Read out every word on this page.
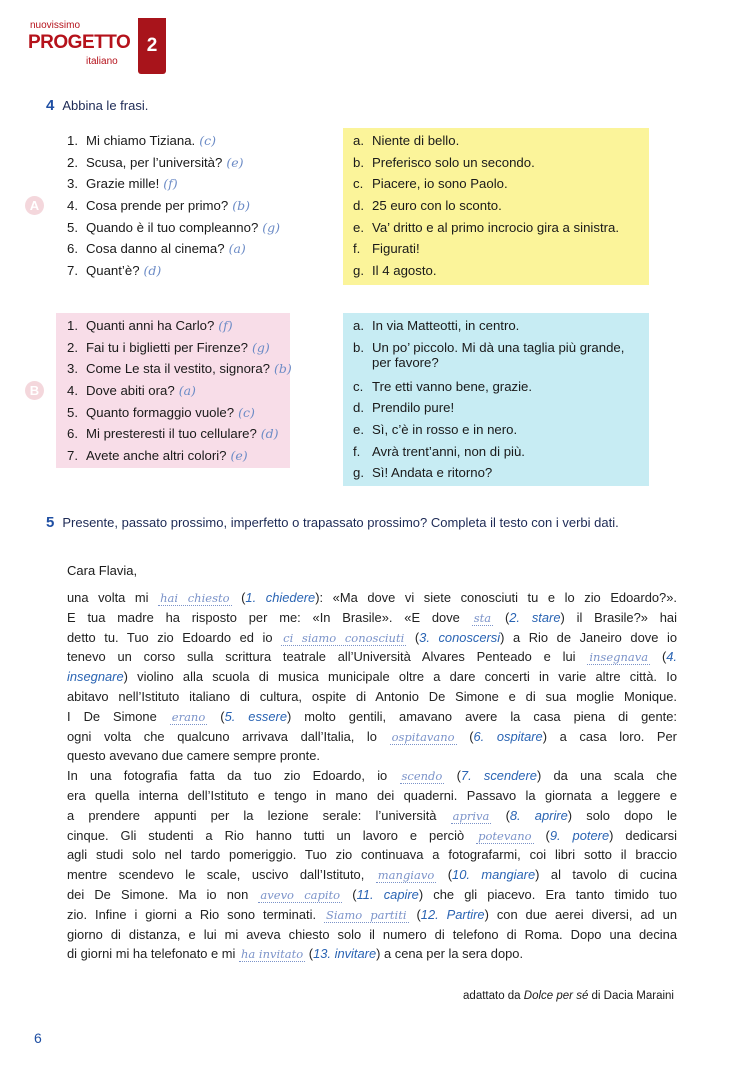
nuovissimo
PROGETTO
italiano
2
4 Abbina le frasi.
A
1. Mi chiamo Tiziana. (c)
2. Scusa, per l’università? (e)
3. Grazie mille! (f)
4. Cosa prende per primo? (b)
5. Quando è il tuo compleanno? (g)
6. Cosa danno al cinema? (a)
7. Quant’è? (d)
a. Niente di bello.
b. Preferisco solo un secondo.
c. Piacere, io sono Paolo.
d. 25 euro con lo sconto.
e. Va’ dritto e al primo incrocio gira a sinistra.
f. Figurati!
g. Il 4 agosto.
B
1. Quanti anni ha Carlo? (f)
2. Fai tu i biglietti per Firenze? (g)
3. Come Le sta il vestito, signora? (b)
4. Dove abiti ora? (a)
5. Quanto formaggio vuole? (c)
6. Mi presteresti il tuo cellulare? (d)
7. Avete anche altri colori? (e)
a. In via Matteotti, in centro.
b. Un po’ piccolo. Mi dà una taglia più grande,
per favore?
c. Tre etti vanno bene, grazie.
d. Prendilo pure!
e. Sì, c’è in rosso e in nero.
f. Avrà trent’anni, non di più.
g. Sì! Andata e ritorno?
5 Presente, passato prossimo, imperfetto o trapassato prossimo? Completa il testo con i verbi dati.
Cara Flavia,
una volta mi hai chiesto (1. chiedere): «Ma dove vi siete conosciuti tu e lo zio Edoardo?».
E tua madre ha risposto per me: «In Brasile». «E dove sta (2. stare) il Brasile?» hai
detto tu. Tuo zio Edoardo ed io ci siamo conosciuti (3. conoscersi) a Rio de Janeiro dove io
tenevo un corso sulla scrittura teatrale all’Università Alvares Penteado e lui insegnava (4.
insegnare) violino alla scuola di musica municipale oltre a dare concerti in varie altre città. Io
abitavo nell’Istituto italiano di cultura, ospite di Antonio De Simone e di sua moglie Monique.
I De Simone erano (5. essere) molto gentili, amavano avere la casa piena di gente:
ogni volta che qualcuno arrivava dall’Italia, lo ospitavano (6. ospitare) a casa loro. Per
questo avevano due camere sempre pronte.
In una fotografia fatta da tuo zio Edoardo, io scendo (7. scendere) da una scala che
era quella interna dell’Istituto e tengo in mano dei quaderni. Passavo la giornata a leggere e
a prendere appunti per la lezione serale: l’università apriva (8. aprire) solo dopo le
cinque. Gli studenti a Rio hanno tutti un lavoro e perciò potevano (9. potere) dedicarsi
agli studi solo nel tardo pomeriggio. Tuo zio continuava a fotografarmi, coi libri sotto il braccio
mentre scendevo le scale, uscivo dall’Istituto, mangiavo (10. mangiare) al tavolo di cucina
dei De Simone. Ma io non avevo capito (11. capire) che gli piacevo. Era tanto timido tuo
zio. Infine i giorni a Rio sono terminati. Siamo partiti (12. Partire) con due aerei diversi, ad un
giorno di distanza, e lui mi aveva chiesto solo il numero di telefono di Roma. Dopo una decina
di giorni mi ha telefonato e mi ha invitato (13. invitare) a cena per la sera dopo.
adattato da Dolce per sé di Dacia Maraini
6
